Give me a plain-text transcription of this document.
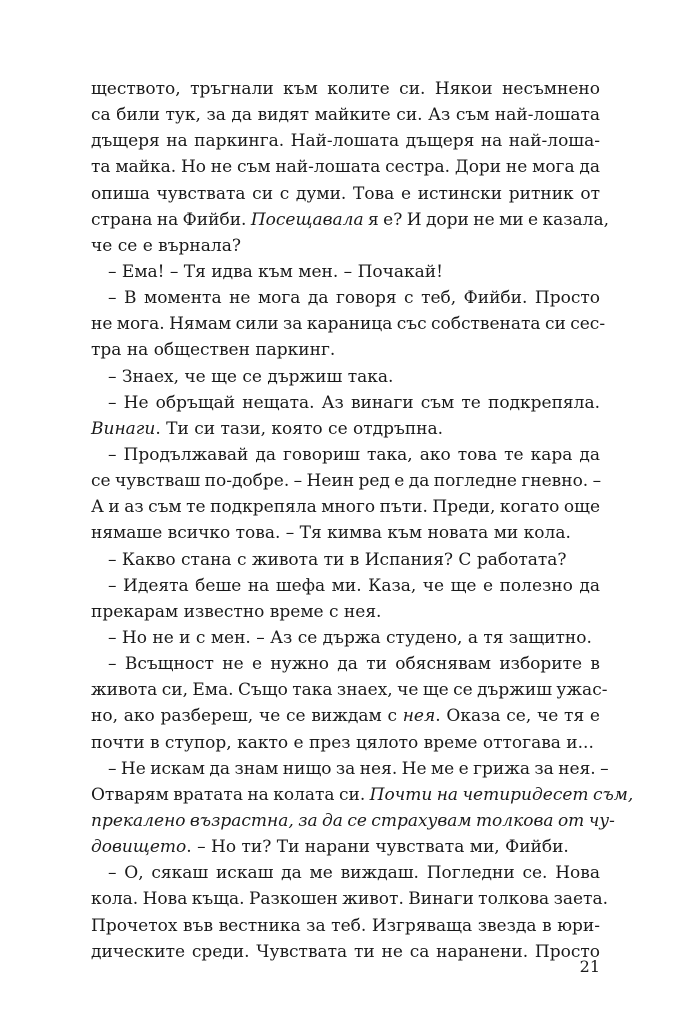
ществото, тръгнали към колите си. Някои несъмнено
са били тук, за да видят майките си. Аз съм най-лошата
дъщеря на паркинга. Най-лошата дъщеря на най-лоша-
та майка. Но не съм най-лошата сестра. Дори не мога да
опиша чувствата си с думи. Това е истински ритник от
страна на Фийби. Посещавала я е? И дори не ми е казала,
че се е върнала?
– Ема! – Тя идва към мен. – Почакай!
– В момента не мога да говоря с теб, Фийби. Просто
не мога. Нямам сили за караница със собствената си сес-
тра на обществен паркинг.
– Знаех, че ще се държиш така.
– Не обръщай нещата. Аз винаги съм те подкрепяла.
Винаги. Ти си тази, която се отдръпна.
– Продължавай да говориш така, ако това те кара да
се чувстваш по-добре. – Неин ред е да погледне гневно. –
А и аз съм те подкрепяла много пъти. Преди, когато още
нямаше всичко това. – Тя кимва към новата ми кола.
– Какво стана с живота ти в Испания? С работата?
– Идеята беше на шефа ми. Каза, че ще е полезно да
прекарам известно време с нея.
– Но не и с мен. – Аз се държа студено, а тя защитно.
– Всъщност не е нужно да ти обяснявам изборите в
живота си, Ема. Също така знаех, че ще се държиш ужас-
но, ако разбереш, че се виждам с нея. Оказа се, че тя е
почти в ступор, както е през цялото време оттогава и...
– Не искам да знам нищо за нея. Не ме е грижа за нея. –
Отварям вратата на колата си. Почти на четиридесет съм,
прекалено възрастна, за да се страхувам толкова от чу-
довището. – Но ти? Ти нарани чувствата ми, Фийби.
– О, сякаш искаш да ме виждаш. Погледни се. Нова
кола. Нова къща. Разкошен живот. Винаги толкова заета.
Прочетох във вестника за теб. Изгряваща звезда в юри-
дическите среди. Чувствата ти не са наранени. Просто
21
